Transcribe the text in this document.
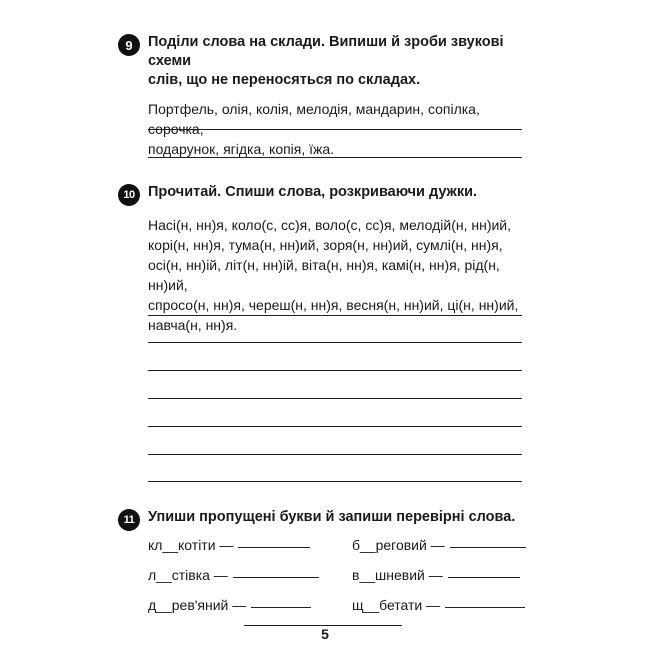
9	Поділи слова на склади. Випиши й зроби звукові схеми
слів, що не переносяться по складах.
Портфель, олія, колія, мелодія, мандарин, сопілка, сорочка,
подарунок, ягідка, копія, їжа.
10 Прочитай. Спиши слова, розкриваючи дужки.
Насі(н, нн)я, коло(с, сс)я, воло(с, сс)я, мелодій(н, нн)ий,
корі(н, нн)я, тума(н, нн)ий, зоря(н, нн)ий, сумлі(н, нн)я,
осі(н, нн)ій, літ(н, нн)ій, віта(н, нн)я, камі(н, нн)я, рід(н, нн)ий,
спросо(н, нн)я, череш(н, нн)я, весня(н, нн)ий, ці(н, нн)ий,
навча(н, нн)я.
11 Упиши пропущені букви й запиши перевірні слова.
кл__котіти —	б__реговий —
л__стівка —	в__шневий —
д__рев'яний —	щ__бетати —
5
